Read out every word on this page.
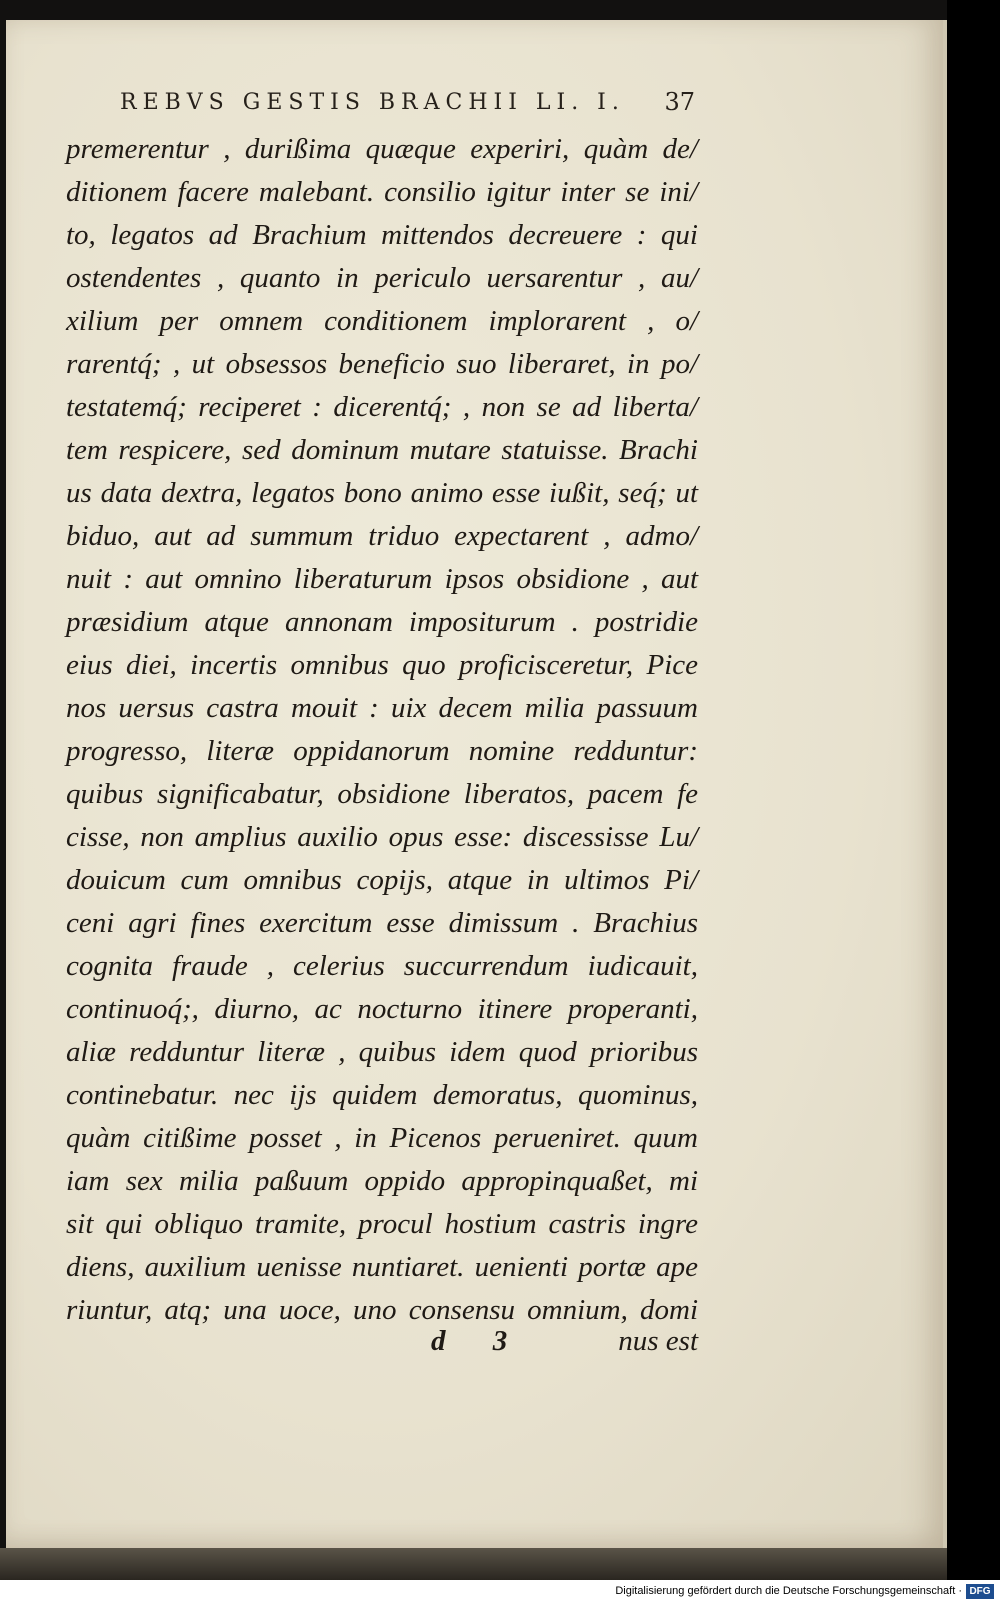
REBVS GESTIS BRACHII LI. I. 37
premerentur , durißima quæque experiri, quàm de/
ditionem facere malebant. consilio igitur inter se ini/
to, legatos ad Brachium mittendos decreuere : qui
ostendentes , quanto in periculo uersarentur , au/
xilium per omnem conditionem implorarent , o/
rarentq́; , ut obsessos beneficio suo liberaret, in po/
testatemq́; reciperet : dicerentq́; , non se ad liberta/
tem respicere, sed dominum mutare statuisse. Brachi
us data dextra, legatos bono animo esse iußit, seq́; ut
biduo, aut ad summum triduo expectarent , admo/
nuit : aut omnino liberaturum ipsos obsidione , aut
præsidium atque annonam impositurum . postridie
eius diei, incertis omnibus quo proficisceretur, Pice
nos uersus castra mouit : uix decem milia passuum
progresso, literæ oppidanorum nomine redduntur:
quibus significabatur, obsidione liberatos, pacem fe
cisse, non amplius auxilio opus esse: discessisse Lu/
douicum cum omnibus copijs, atque in ultimos Pi/
ceni agri fines exercitum esse dimissum . Brachius
cognita fraude , celerius succurrendum iudicauit,
continuoq́;, diurno, ac nocturno itinere properanti,
aliæ redduntur literæ , quibus idem quod prioribus
continebatur. nec ijs quidem demoratus, quominus,
quàm citißime posset , in Picenos perueniret. quum
iam sex milia paßuum oppido appropinquaßet, mi
sit qui obliquo tramite, procul hostium castris ingre
diens, auxilium uenisse nuntiaret. uenienti portæ ape
riuntur, atq; una uoce, uno consensu omnium, domi
d 3	nus est
Digitalisierung gefördert durch die Deutsche Forschungsgemeinschaft · DFG
